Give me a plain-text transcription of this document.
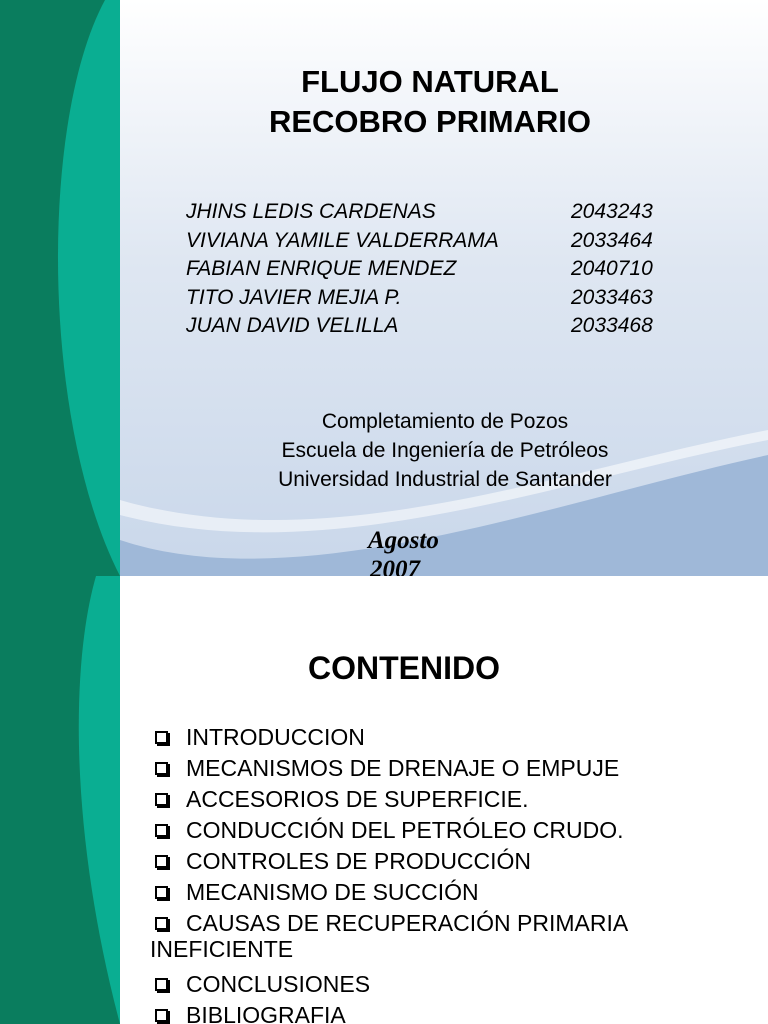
FLUJO NATURAL
RECOBRO PRIMARIO
JHINS LEDIS CARDENAS	2043243
VIVIANA YAMILE VALDERRAMA	2033464
FABIAN ENRIQUE MENDEZ	2040710
TITO JAVIER MEJIA P.	2033463
JUAN DAVID VELILLA	2033468
Completamiento de Pozos
Escuela de Ingeniería de Petróleos
Universidad Industrial de Santander
Agosto
2007
CONTENIDO
INTRODUCCION
MECANISMOS DE DRENAJE O EMPUJE
ACCESORIOS DE SUPERFICIE.
CONDUCCIÓN DEL PETRÓLEO CRUDO.
CONTROLES DE PRODUCCIÓN
MECANISMO DE SUCCIÓN
CAUSAS DE RECUPERACIÓN PRIMARIA INEFICIENTE
CONCLUSIONES
BIBLIOGRAFIA
